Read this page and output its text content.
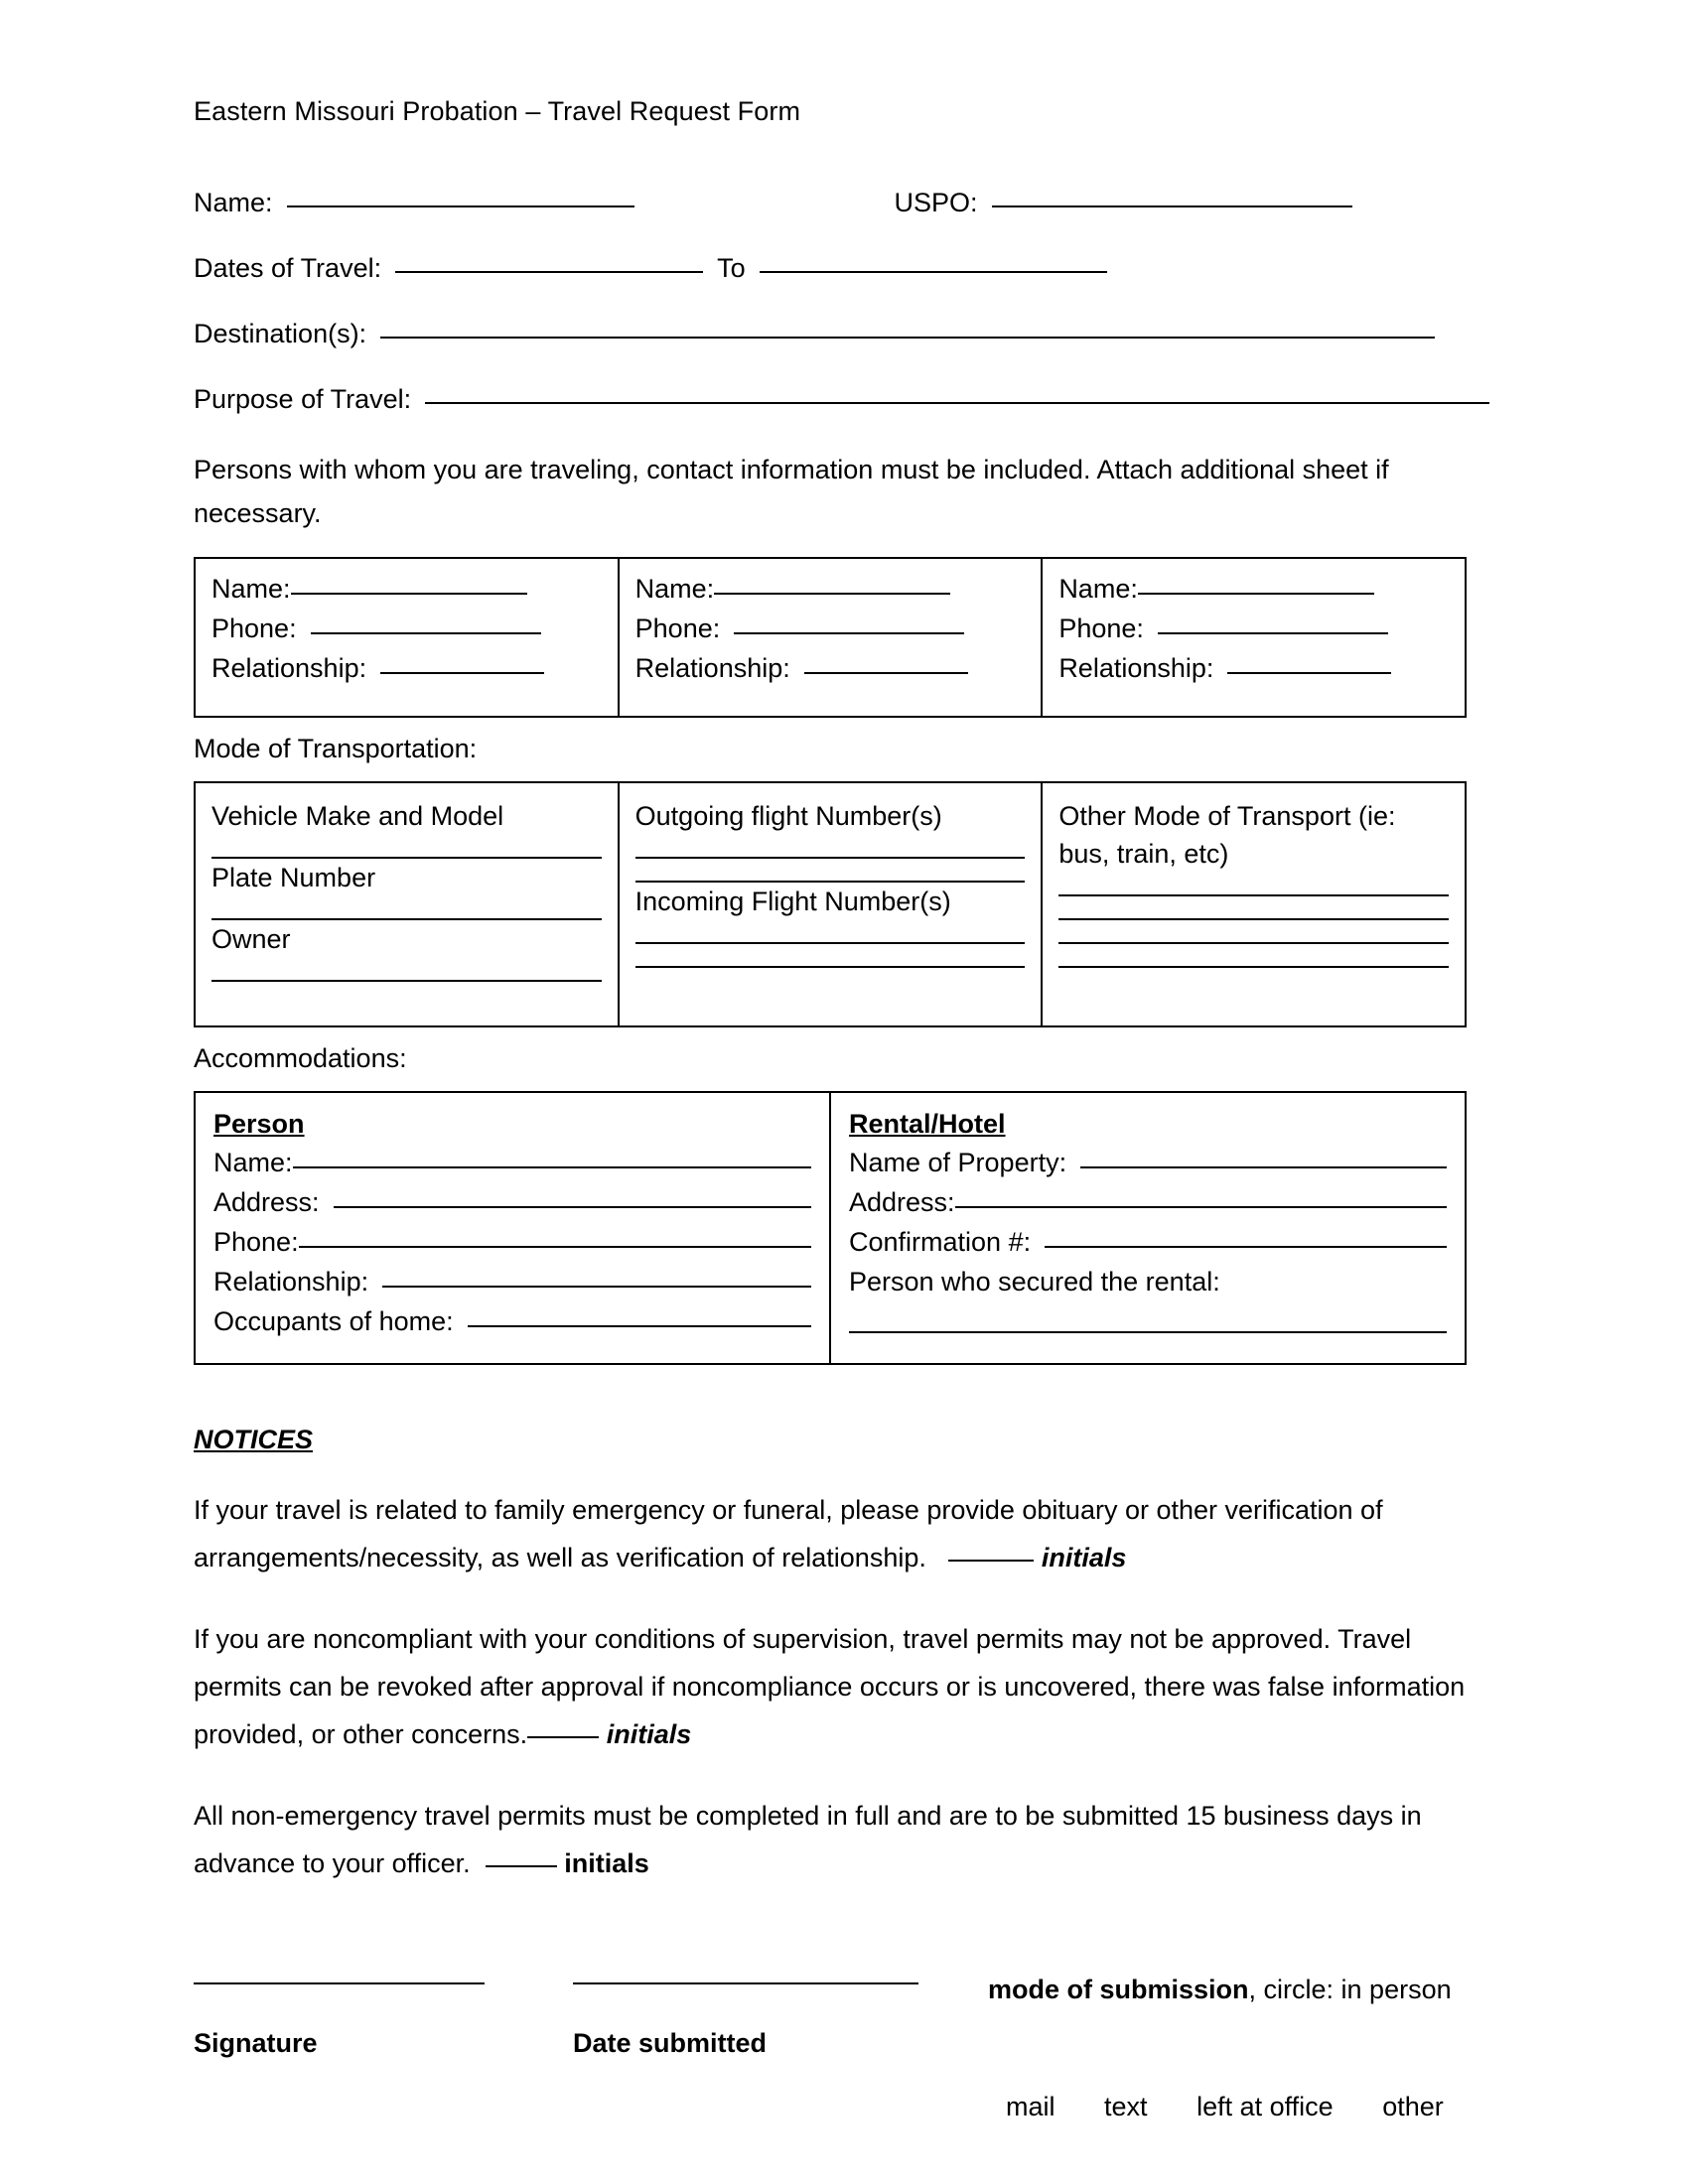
Eastern Missouri Probation – Travel Request Form
Name:	USPO:
Dates of Travel:	To
Destination(s):
Purpose of Travel:
Persons with whom you are traveling, contact information must be included. Attach additional sheet if necessary.
Name:
Phone:
Relationship:

Name:
Phone:
Relationship:

Name:
Phone:
Relationship:
Mode of Transportation:
Vehicle Make and Model
Plate Number
Owner

Outgoing flight Number(s)
Incoming Flight Number(s)

Other Mode of Transport (ie: bus, train, etc)
Accommodations:
Person
Name:
Address:
Phone:
Relationship:
Occupants of home:

Rental/Hotel
Name of Property:
Address:
Confirmation #:
Person who secured the rental:
NOTICES
If your travel is related to family emergency or funeral, please provide obituary or other verification of arrangements/necessity, as well as verification of relationship.	initials
If you are noncompliant with your conditions of supervision, travel permits may not be approved. Travel permits can be revoked after approval if noncompliance occurs or is uncovered, there was false information provided, or other concerns.	initials
All non-emergency travel permits must be completed in full and are to be submitted 15 business days in advance to your officer.	initials
Signature	Date submitted
mode of submission, circle: in person
mail text left at office other
